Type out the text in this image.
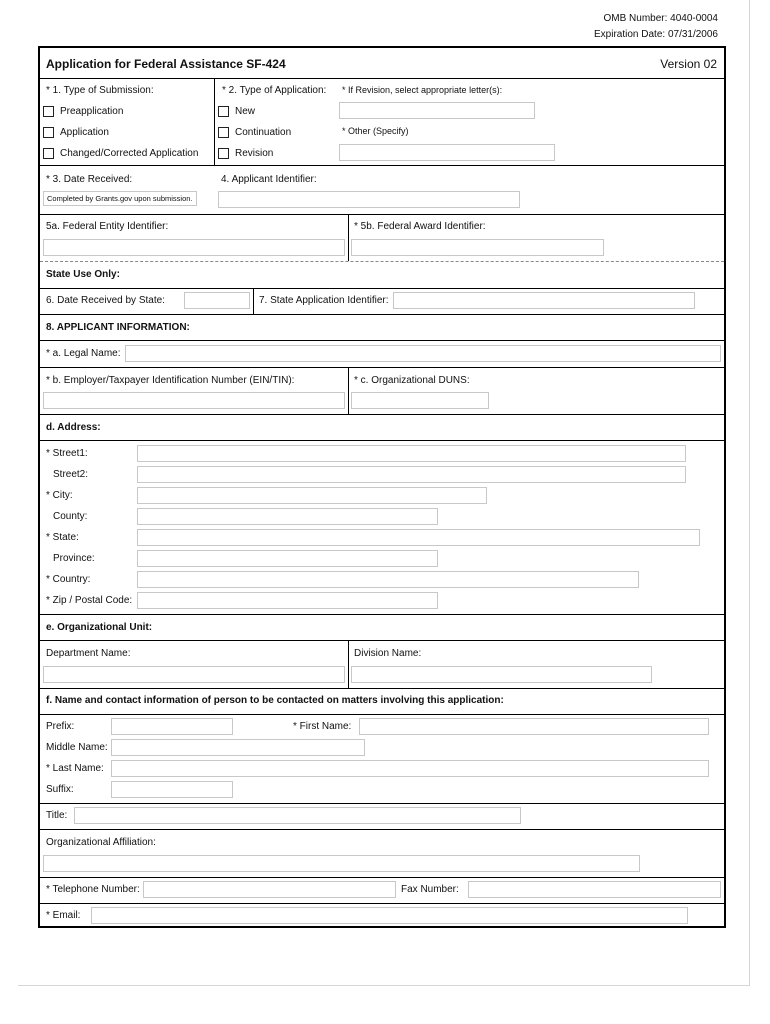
OMB Number: 4040-0004
Expiration Date: 07/31/2006
Application for Federal Assistance SF-424	Version 02
* 1. Type of Submission:
Preapplication
Application
Changed/Corrected Application
* 2. Type of Application:
New
Continuation
Revision
* If Revision, select appropriate letter(s):
* Other (Specify)
* 3. Date Received:
Completed by Grants.gov upon submission.
4. Applicant Identifier:
5a. Federal Entity Identifier:	* 5b. Federal Award Identifier:
State Use Only:
6. Date Received by State:	7. State Application Identifier:
8. APPLICANT INFORMATION:
* a. Legal Name:
* b. Employer/Taxpayer Identification Number (EIN/TIN):	* c. Organizational DUNS:
d. Address:
* Street1:
Street2:
* City:
County:
* State:
Province:
* Country:
* Zip / Postal Code:
e. Organizational Unit:
Department Name:	Division Name:
f. Name and contact information of person to be contacted on matters involving this application:
Prefix:	* First Name:
Middle Name:
* Last Name:
Suffix:
Title:
Organizational Affiliation:
* Telephone Number:	Fax Number:
* Email:
